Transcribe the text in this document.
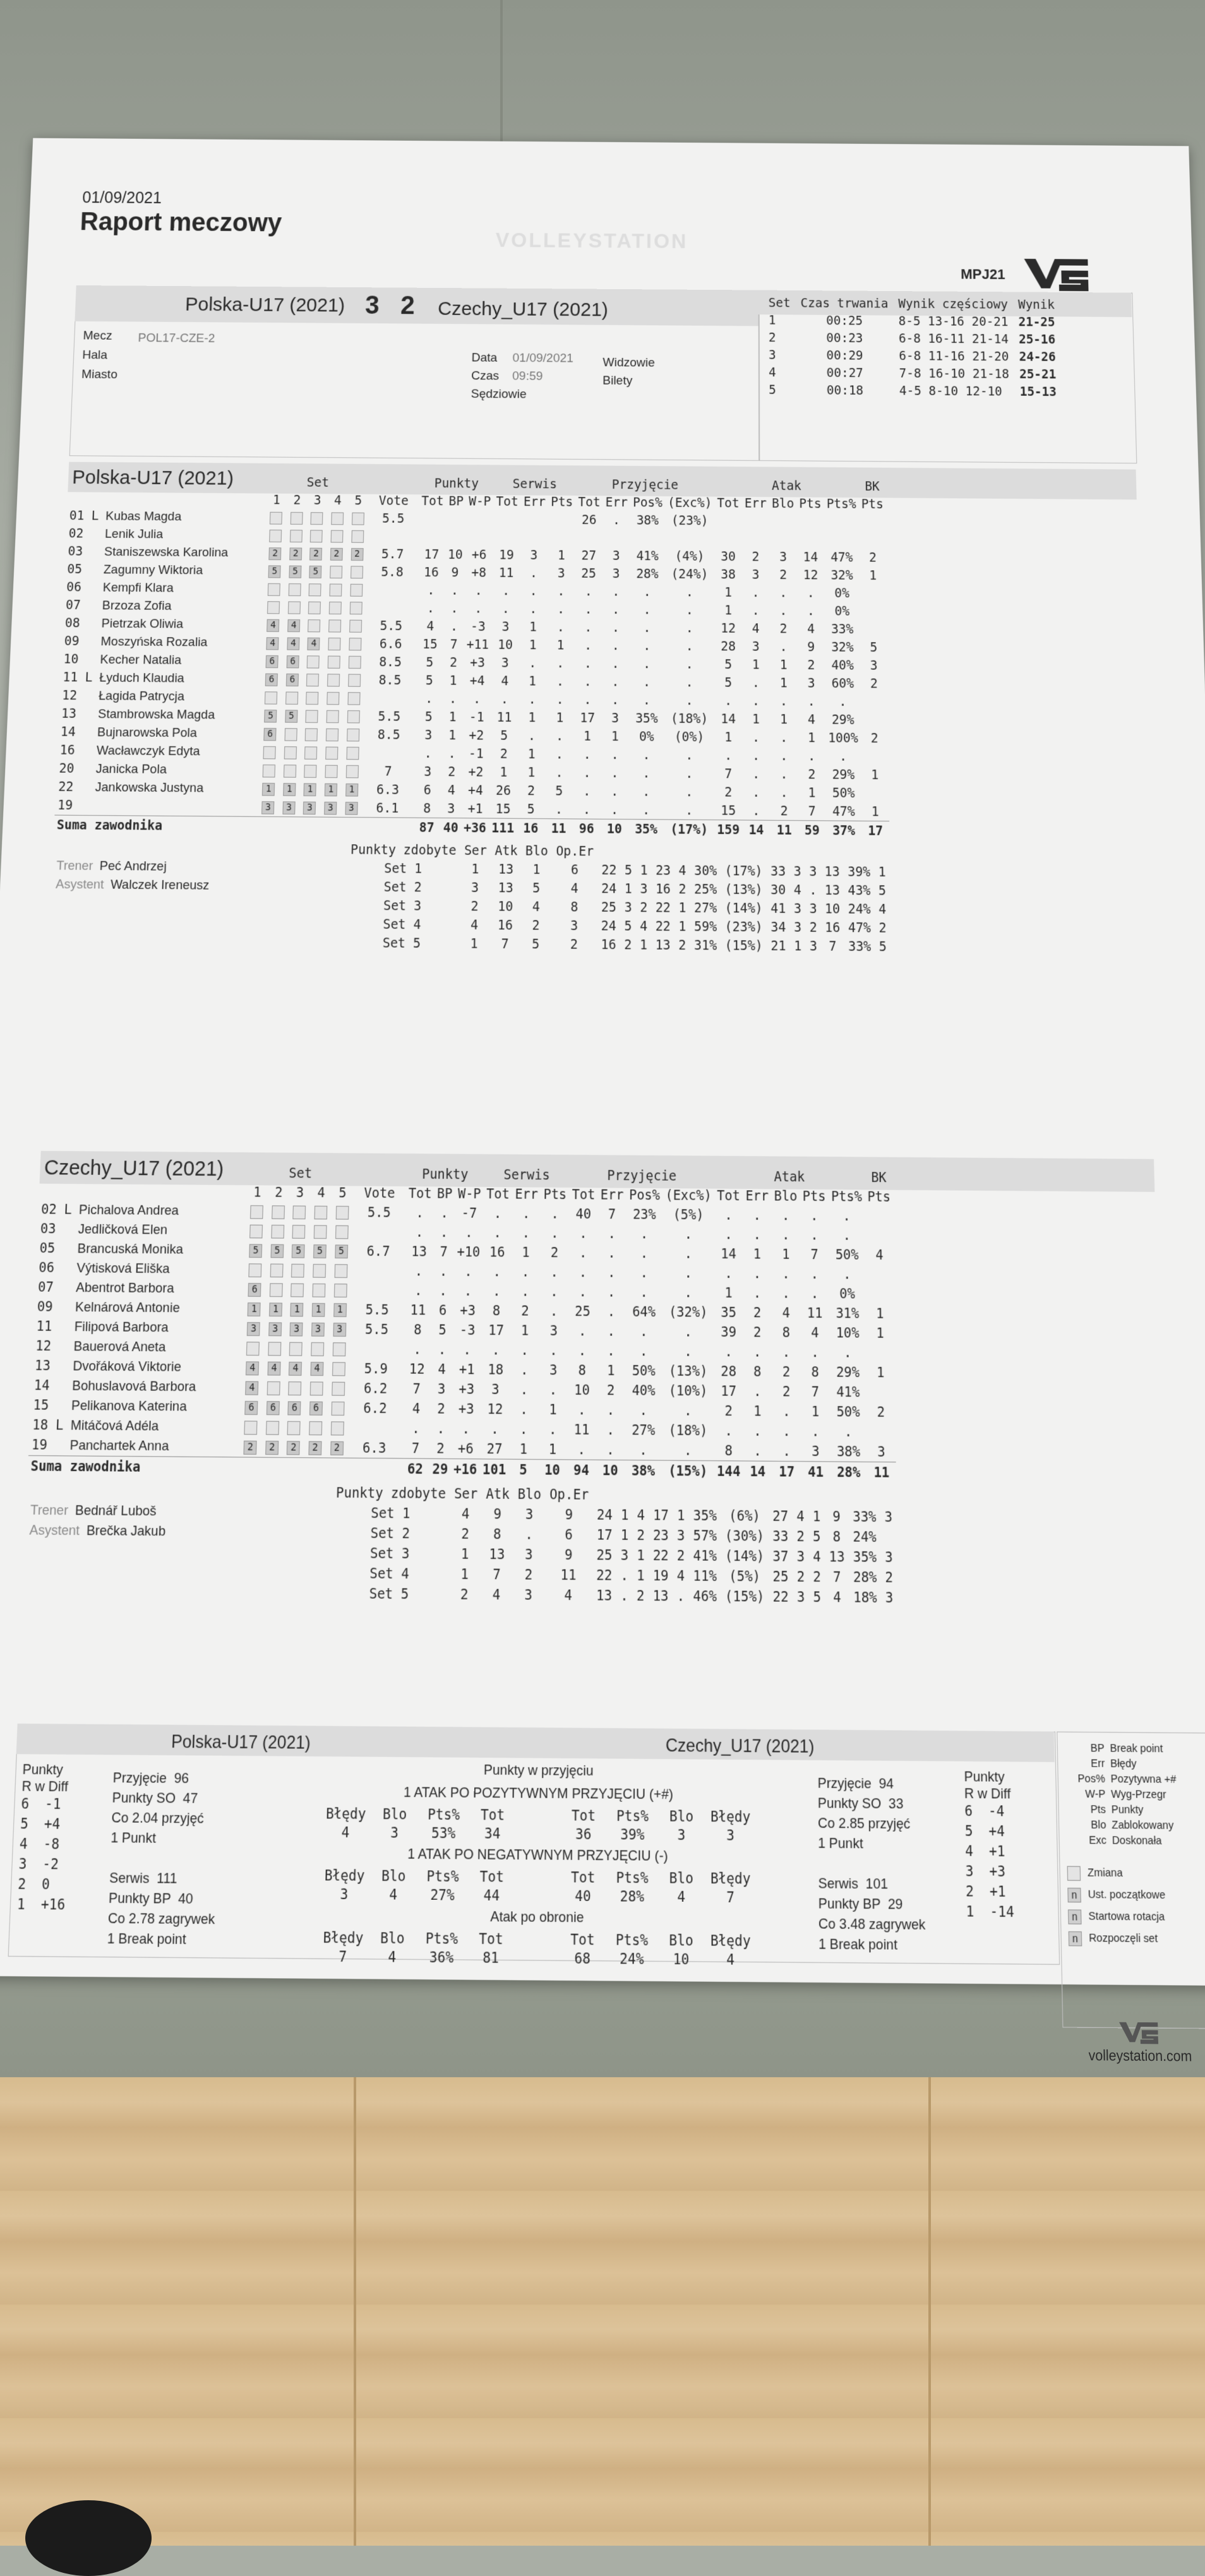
01/09/2021
Raport meczowy
VOLLEYSTATION
MPJ21
Polska-U17 (2021) 3 2 Czechy_U17 (2021)
Mecz POL17-CZE-2
Hala
Miasto
Data 01/09/2021
Czas 09:59
Sędziowie
Widzowie
Bilety
Set	Czas trwania	Wynik częściowy	Wynik
1	00:25	8-5 13-16 20-21	21-25
2	00:23	6-8 16-11 21-14	25-16
3	00:29	6-8 11-16 21-20	24-26
4	00:27	7-8 16-10 21-18	25-21
5	00:18	4-5 8-10 12-10	15-13
Polska-U17 (2021)
		Set						Punkty			Serwis			Przyjęcie				Atak					BK
	1	2	3	4	5	Vote	Tot	BP	W-P	Tot	Err	Pts	Tot	Err	Pos%	(Exc%)	Tot	Err	Blo	Pts	Pts%	Pts
01 L Kubas Magda						5.5							26	.	38%	(23%)						
02 Lenik Julia																						
03 Staniszewska Karolina	2	2	2	2	2	5.7	17	10	+6	19	3	1	27	3	41%	(4%)	30	2	3	14	47%	2
05 Zagumny Wiktoria	5	5	5			5.8	16	9	+8	11	.	3	25	3	28%	(24%)	38	3	2	12	32%	1
06 Kempfi Klara							.	.	.	.	.	.	.	.	.	.	1	.	.	.	0%	
07 Brzoza Zofia							.	.	.	.	.	.	.	.	.	.	1	.	.	.	0%	
08 Pietrzak Oliwia	4	4				5.5	4	.	-3	3	1	.	.	.	.	.	12	4	2	4	33%	
09 Moszyńska Rozalia	4	4	4			6.6	15	7	+11	10	1	1	.	.	.	.	28	3	.	9	32%	5
10 Kecher Natalia	6	6				8.5	5	2	+3	3	.	.	.	.	.	.	5	1	1	2	40%	3
11 L Łyduch Klaudia	6	6				8.5	5	1	+4	4	1	.	.	.	.	.	5	.	1	3	60%	2
12 Łagida Patrycja							.	.	.	.	.	.	.	.	.	.	.	.	.	.	.	
13 Stambrowska Magda	5	5				5.5	5	1	-1	11	1	1	17	3	35%	(18%)	14	1	1	4	29%	
14 Bujnarowska Pola	6					8.5	3	1	+2	5	.	.	1	1	0%	(0%)	1	.	.	1	100%	2
16 Wacławczyk Edyta							.	.	-1	2	1	.	.	.	.	.	.	.	.	.	.	
20 Janicka Pola						7	3	2	+2	1	1	.	.	.	.	.	7	.	.	2	29%	1
22 Jankowska Justyna	1	1	1	1	1	6.3	6	4	+4	26	2	5	.	.	.	.	2	.	.	1	50%	
19	3	3	3	3	3	6.1	8	3	+1	15	5	.	.	.	.	.	15	.	2	7	47%	1
Suma zawodnika							87	40	+36	111	16	11	96	10	35%	(17%)	159	14	11	59	37%	17
	Punkty zdobyte	Ser	Atk	Blo	Op.Er													
Trener Peć Andrzej	Set 1	1	13	1	6	22	5	1	23	4	30%	(17%)	33	3	3	13	39%	1
Asystent Walczek Ireneusz	Set 2	3	13	5	4	24	1	3	16	2	25%	(13%)	30	4	.	13	43%	5
	Set 3	2	10	4	8	25	3	2	22	1	27%	(14%)	41	3	3	10	24%	4
	Set 4	4	16	2	3	24	5	4	22	1	59%	(23%)	34	3	2	16	47%	2
	Set 5	1	7	5	2	16	2	1	13	2	31%	(15%)	21	1	3	7	33%	5
Czechy_U17 (2021)
		Set						Punkty			Serwis			Przyjęcie				Atak					BK
	1	2	3	4	5	Vote	Tot	BP	W-P	Tot	Err	Pts	Tot	Err	Pos%	(Exc%)	Tot	Err	Blo	Pts	Pts%	Pts
02 L Pichalova Andrea						5.5	.	.	-7	.	.	.	40	7	23%	(5%)	.	.	.	.	.	
03 Jedličková Elen							.	.	.	.	.	.	.	.	.	.	.	.	.	.	.	
05 Brancuská Monika	5	5	5	5	5	6.7	13	7	+10	16	1	2	.	.	.	.	14	1	1	7	50%	4
06 Výtisková Eliška							.	.	.	.	.	.	.	.	.	.	.	.	.	.	.	
07 Abentrot Barbora	6						.	.	.	.	.	.	.	.	.	.	1	.	.	.	0%	
09 Kelnárová Antonie	1	1	1	1	1	5.5	11	6	+3	8	2	.	25	.	64%	(32%)	35	2	4	11	31%	1
11 Filipová Barbora	3	3	3	3	3	5.5	8	5	-3	17	1	3	.	.	.	.	39	2	8	4	10%	1
12 Bauerová Aneta							.	.	.	.	.	.	.	.	.	.	.	.	.	.	.	
13 Dvořáková Viktorie	4	4	4	4		5.9	12	4	+1	18	.	3	8	1	50%	(13%)	28	8	2	8	29%	1
14 Bohuslavová Barbora	4					6.2	7	3	+3	3	.	.	10	2	40%	(10%)	17	.	2	7	41%	
15 Pelikanova Katerina	6	6	6	6		6.2	4	2	+3	12	.	1	.	.	.	.	2	1	.	1	50%	2
18 L Mitáčová Adéla							.	.	.	.	.	.	11	.	27%	(18%)	.	.	.	.	.	
19 Panchartek Anna	2	2	2	2	2	6.3	7	2	+6	27	1	1	.	.	.	.	8	.	.	3	38%	3
Suma zawodnika							62	29	+16	101	5	10	94	10	38%	(15%)	144	14	17	41	28%	11
	Punkty zdobyte	Ser	Atk	Blo	Op.Er													
Trener Bednář Luboš	Set 1	4	9	3	9	24	1	4	17	1	35%	(6%)	27	4	1	9	33%	3
Asystent Brečka Jakub	Set 2	2	8	.	6	17	1	2	23	3	57%	(30%)	33	2	5	8	24%	
	Set 3	1	13	3	9	25	3	1	22	2	41%	(14%)	37	3	4	13	35%	3
	Set 4	1	7	2	11	22	.	1	19	4	11%	(5%)	25	2	2	7	28%	2
	Set 5	2	4	3	4	13	.	2	13	.	46%	(15%)	22	3	5	4	18%	3
Polska-U17 (2021)	Czechy_U17 (2021)
Punkty
R w Diff
6 -1
5 +4
4 -8
3 -2
2 0
1 +16
Punkty
R w Diff
6 -4
5 +4
4 +1
3 +3
2 +1
1 -14
Przyjęcie  96
Punkty SO  47
Co 2.04 przyjęć
1 Punkt
Serwis  111
Punkty BP  40
Co 2.78 zagrywek
1 Break point
Przyjęcie  94
Punkty SO  33
Co 2.85 przyjęć
1 Punkt
Serwis  101
Punkty BP  29
Co 3.48 zagrywek
1 Break point
Punkty w przyjęciu
1 ATAK PO POZYTYWNYM PRZYJĘCIU (+#)
Błędy Blo Pts% Tot	Tot Pts% Blo Błędy
4	3	53% 34	36 39%	3	3
1 ATAK PO NEGATYWNYM PRZYJĘCIU (-)
Błędy Blo Pts% Tot	Tot Pts% Blo Błędy
3	4	27% 44	40 28%	4	7
Atak po obronie
Błędy Blo Pts% Tot	Tot Pts% Blo Błędy
7	4	36% 81	68 24% 10	4
BP Break point
Err Błędy
Pos% Pozytywna +#
W-P Wyg-Przegr
Pts Punkty
Blo Zablokowany
Exc Doskonała
Zmiana
n Ust. początkowe
n Startowa rotacja
n Rozpoczęli set
volleystation.com
